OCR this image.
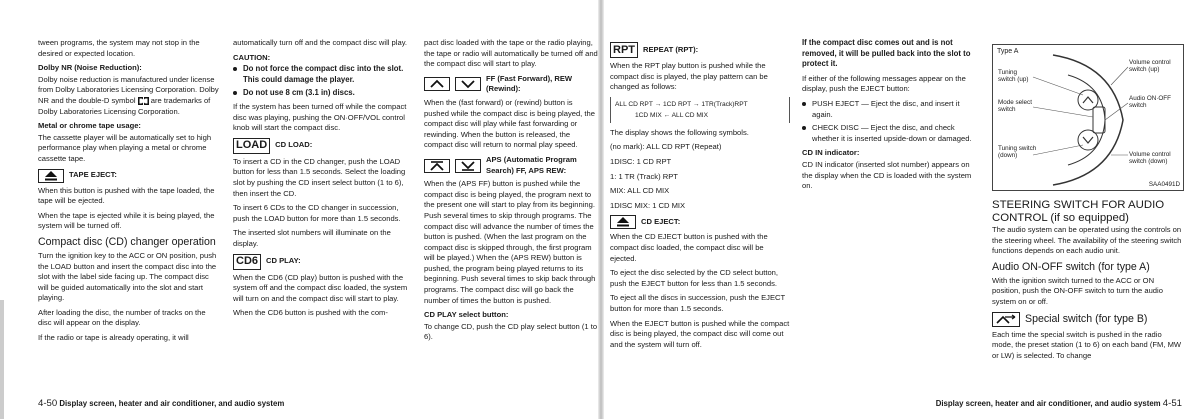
tween programs, the system may not stop in the desired or expected location.

Dolby NR (Noise Reduction):

Dolby noise reduction is manufactured under license from Dolby Laboratories Licensing Corporation. Dolby NR and the double-D symbol are trademarks of Dolby Laboratories Licensing Corporation.

Metal or chrome tape usage:

The cassette player will be automatically set to high performance play when playing a metal or chrome cassette tape.

TAPE EJECT:

When this button is pushed with the tape loaded, the tape will be ejected.

When the tape is ejected while it is being played, the system will be turned off.

Compact disc (CD) changer operation

Turn the ignition key to the ACC or ON position, push the LOAD button and insert the compact disc into the slot with the label side facing up. The compact disc will be guided automatically into the slot and start playing.

After loading the disc, the number of tracks on the disc will appear on the display.

If the radio or tape is already operating, it will

automatically turn off and the compact disc will play.

CAUTION:
Do not force the compact disc into the slot. This could damage the player.
Do not use 8 cm (3.1 in) discs.

If the system has been turned off while the compact disc was playing, pushing the ON·OFF/VOL control knob will start the compact disc.

LOAD	CD LOAD:

To insert a CD in the CD changer, push the LOAD button for less than 1.5 seconds. Select the loading slot by pushing the CD insert select button (1 to 6), then insert the CD.

To insert 6 CDs to the CD changer in succession, push the LOAD button for more than 1.5 seconds.

The inserted slot numbers will illuminate on the display.

CD6	CD PLAY:

When the CD6 (CD play) button is pushed with the system off and the compact disc loaded, the system will turn on and the compact disc will start to play.

When the CD6 button is pushed with the com-

pact disc loaded with the tape or the radio playing, the tape or radio will automatically be turned off and the compact disc will start to play.

FF (Fast Forward), REW (Rewind):

When the (fast forward) or (rewind) button is pushed while the compact disc is being played, the compact disc will play while fast forwarding or rewinding. When the button is released, the compact disc will return to normal play speed.

APS (Automatic Program Search) FF, APS REW:

When the (APS FF) button is pushed while the compact disc is being played, the program next to the present one will start to play from its beginning. Push several times to skip through programs. The compact disc will advance the number of times the button is pushed. (When the last program on the compact disc is skipped through, the first program will be played.) When the (APS REW) button is pushed, the program being played returns to its beginning. Push several times to skip back through programs. The compact disc will go back the number of times the button is pushed.

CD PLAY select button:

To change CD, push the CD play select button (1 to 6).

RPT	REPEAT (RPT):

When the RPT play button is pushed while the compact disc is played, the play pattern can be changed as follows:

ALL CD RPT → 1CD RPT → 1TR(Track)RPT
1CD MIX ← ALL CD MIX

The display shows the following symbols.

(no mark): ALL CD RPT (Repeat)

1DISC: 1 CD RPT

1: 1 TR (Track) RPT

MIX: ALL CD MIX

1DISC MIX: 1 CD MIX

CD EJECT:

When the CD EJECT button is pushed with the compact disc loaded, the compact disc will be ejected.

To eject the disc selected by the CD select button, push the EJECT button for less than 1.5 seconds.

To eject all the discs in succession, push the EJECT button for more than 1.5 seconds.

When the EJECT button is pushed while the compact disc is being played, the compact disc will come out and the system will turn off.

If the compact disc comes out and is not removed, it will be pulled back into the slot to protect it.

If either of the following messages appear on the display, push the EJECT button:

PUSH EJECT — Eject the disc, and insert it again.
CHECK DISC — Eject the disc, and check whether it is inserted upside-down or damaged.
CD IN indicator:

CD IN indicator (inserted slot number) appears on the display when the CD is loaded with the system on.

Type A
Tuning switch (up)
Mode select switch
Tuning switch (down)
Volume control switch (up)
Audio ON·OFF switch
Volume control switch (down)
SAA0491D
STEERING SWITCH FOR AUDIO CONTROL (if so equipped)

The audio system can be operated using the controls on the steering wheel. The availability of the steering switch functions depends on each audio unit.

Audio ON-OFF switch (for type A)

With the ignition switch turned to the ACC or ON position, push the ON-OFF switch to turn the audio system on or off.

Special switch (for type B)

Each time the special switch is pushed in the radio mode, the preset station (1 to 6) on each band (FM, MW or LW) is selected. To change

4-50 Display screen, heater and air conditioner, and audio system	Display screen, heater and air conditioner, and audio system 4-51
